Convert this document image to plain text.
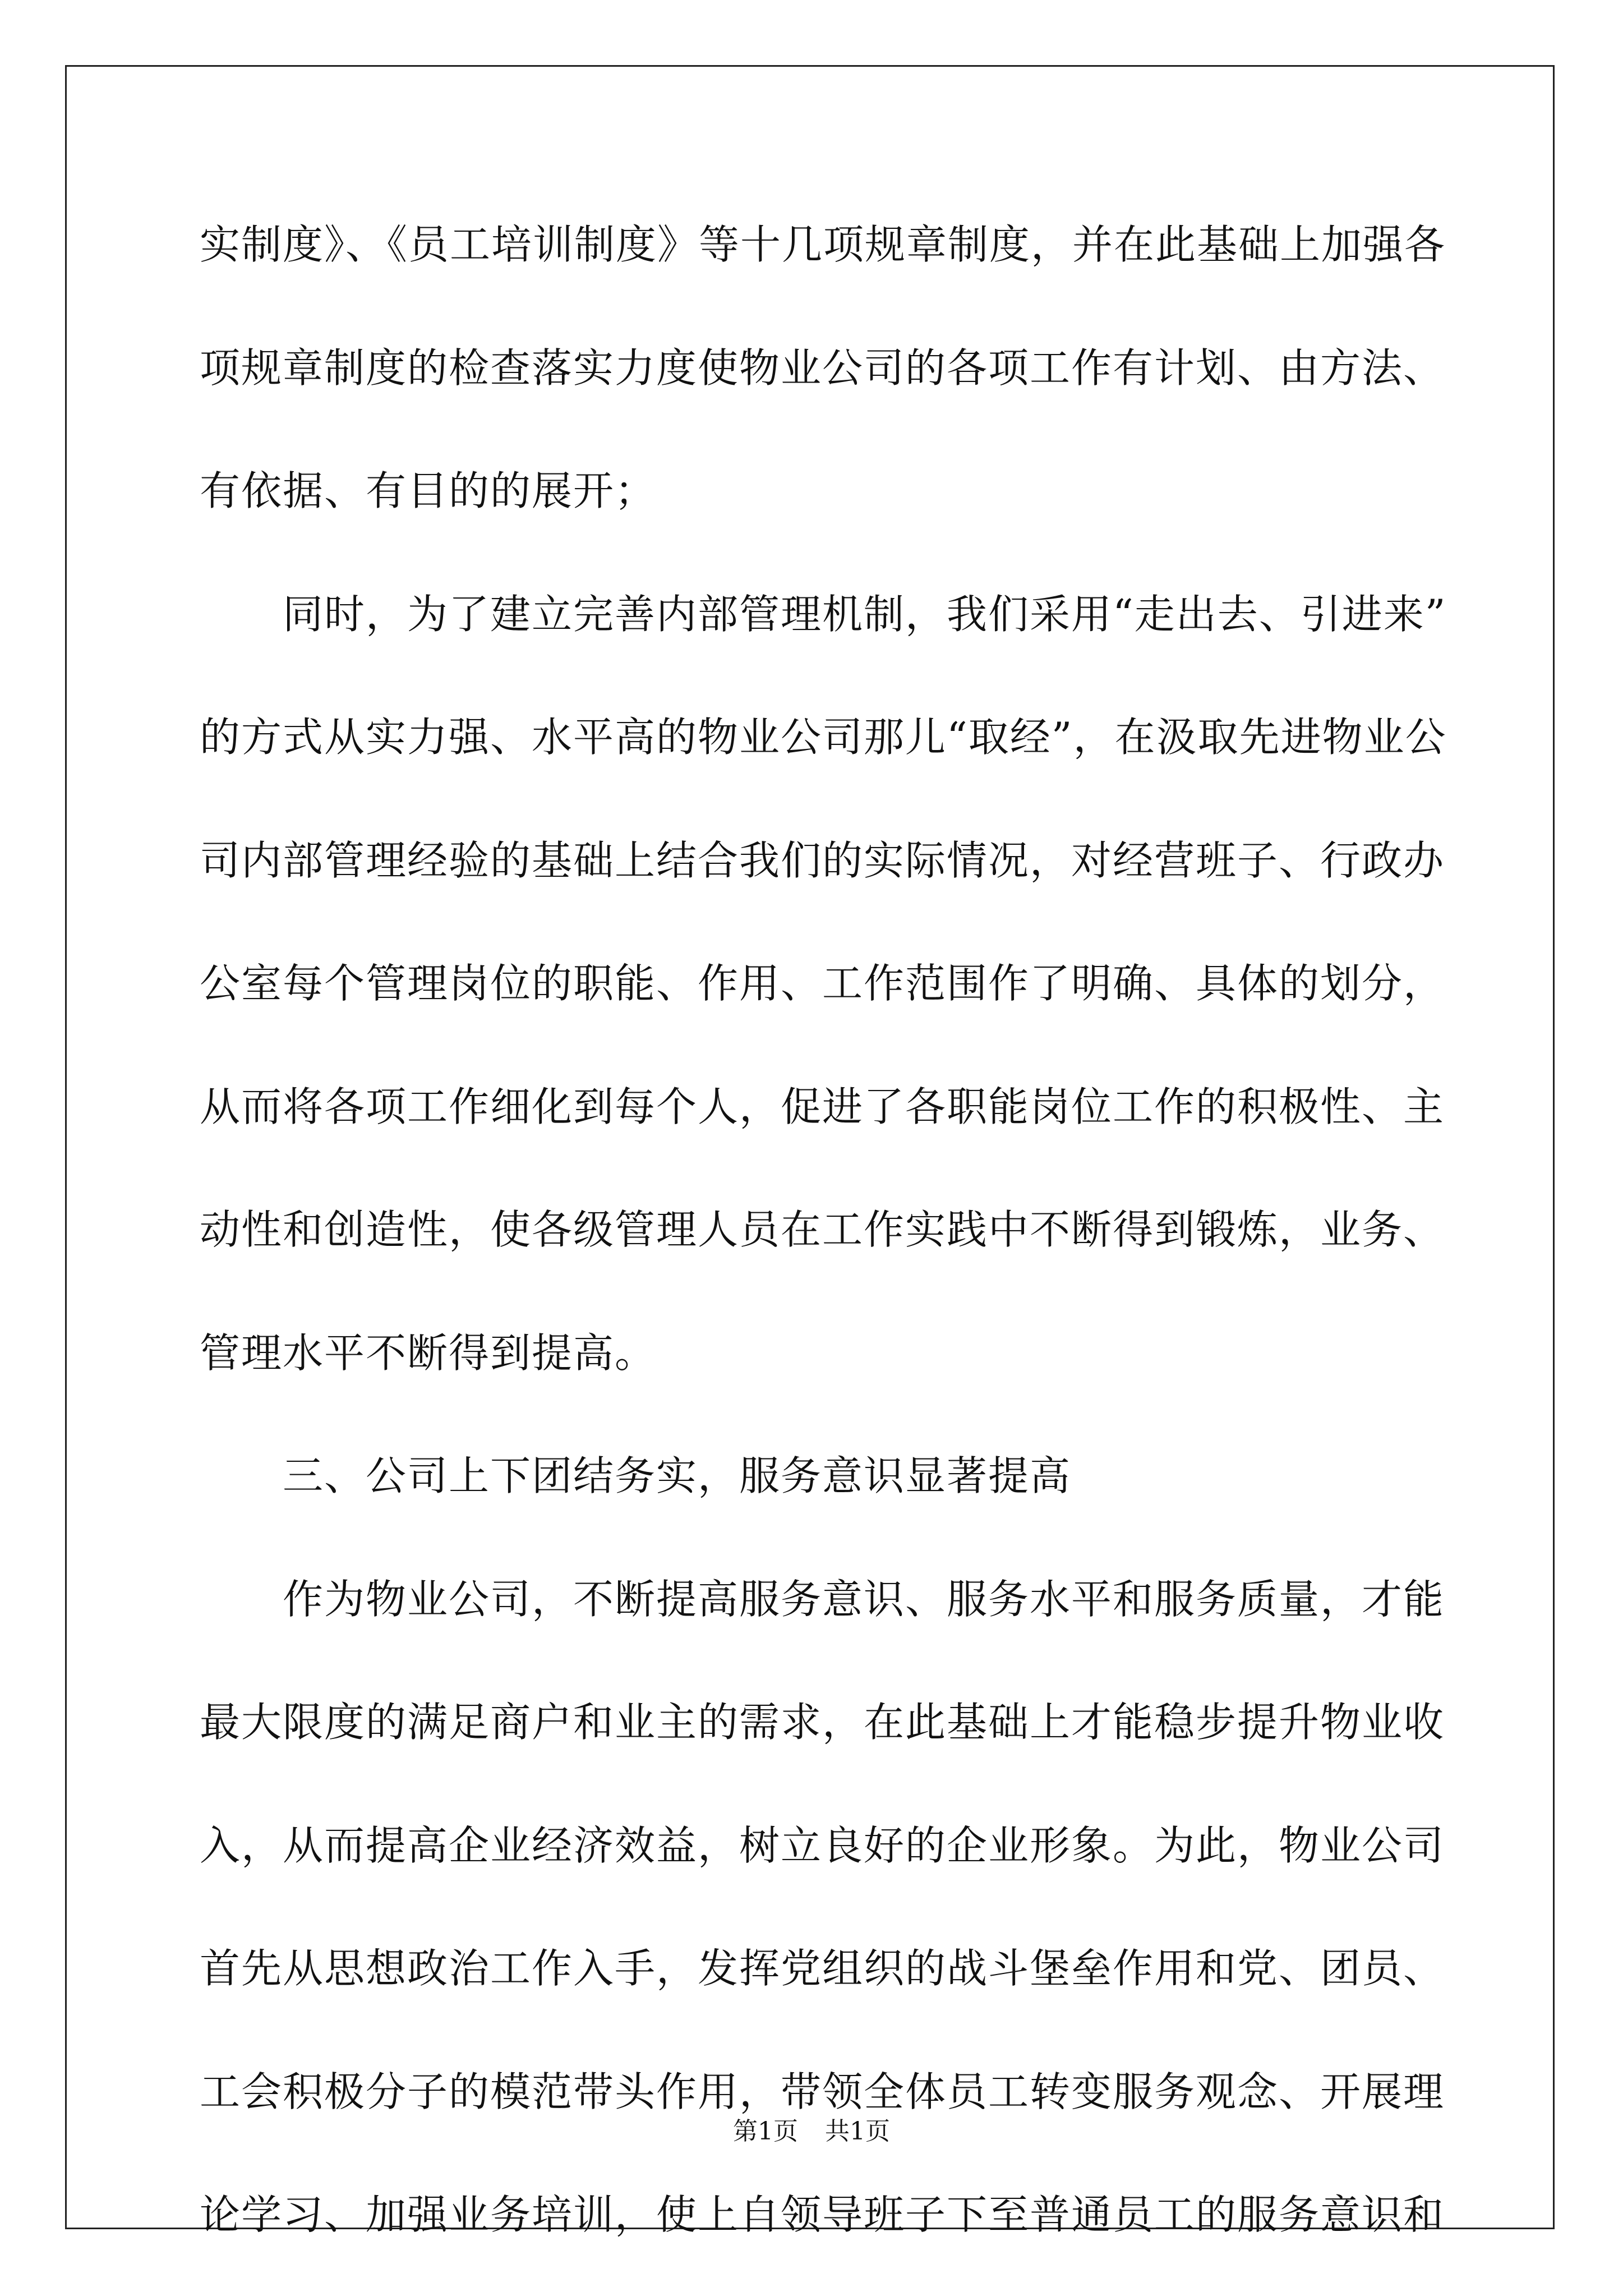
实制度》、《员工培训制度》等十几项规章制度，并在此基础上加强各
项规章制度的检查落实力度使物业公司的各项工作有计划、由方法、
有依据、有目的的展开；
同时，为了建立完善内部管理机制，我们采用“走出去、引进来”
的方式从实力强、水平高的物业公司那儿“取经”，在汲取先进物业公
司内部管理经验的基础上结合我们的实际情况，对经营班子、行政办
公室每个管理岗位的职能、作用、工作范围作了明确、具体的划分，
从而将各项工作细化到每个人，促进了各职能岗位工作的积极性、主
动性和创造性，使各级管理人员在工作实践中不断得到锻炼，业务、
管理水平不断得到提高。
三、公司上下团结务实，服务意识显著提高
作为物业公司，不断提高服务意识、服务水平和服务质量，才能
最大限度的满足商户和业主的需求，在此基础上才能稳步提升物业收
入，从而提高企业经济效益，树立良好的企业形象。为此，物业公司
首先从思想政治工作入手，发挥党组织的战斗堡垒作用和党、团员、
工会积极分子的模范带头作用，带领全体员工转变服务观念、开展理
论学习、加强业务培训，使上自领导班子下至普通员工的服务意识和
第1页 共1页
